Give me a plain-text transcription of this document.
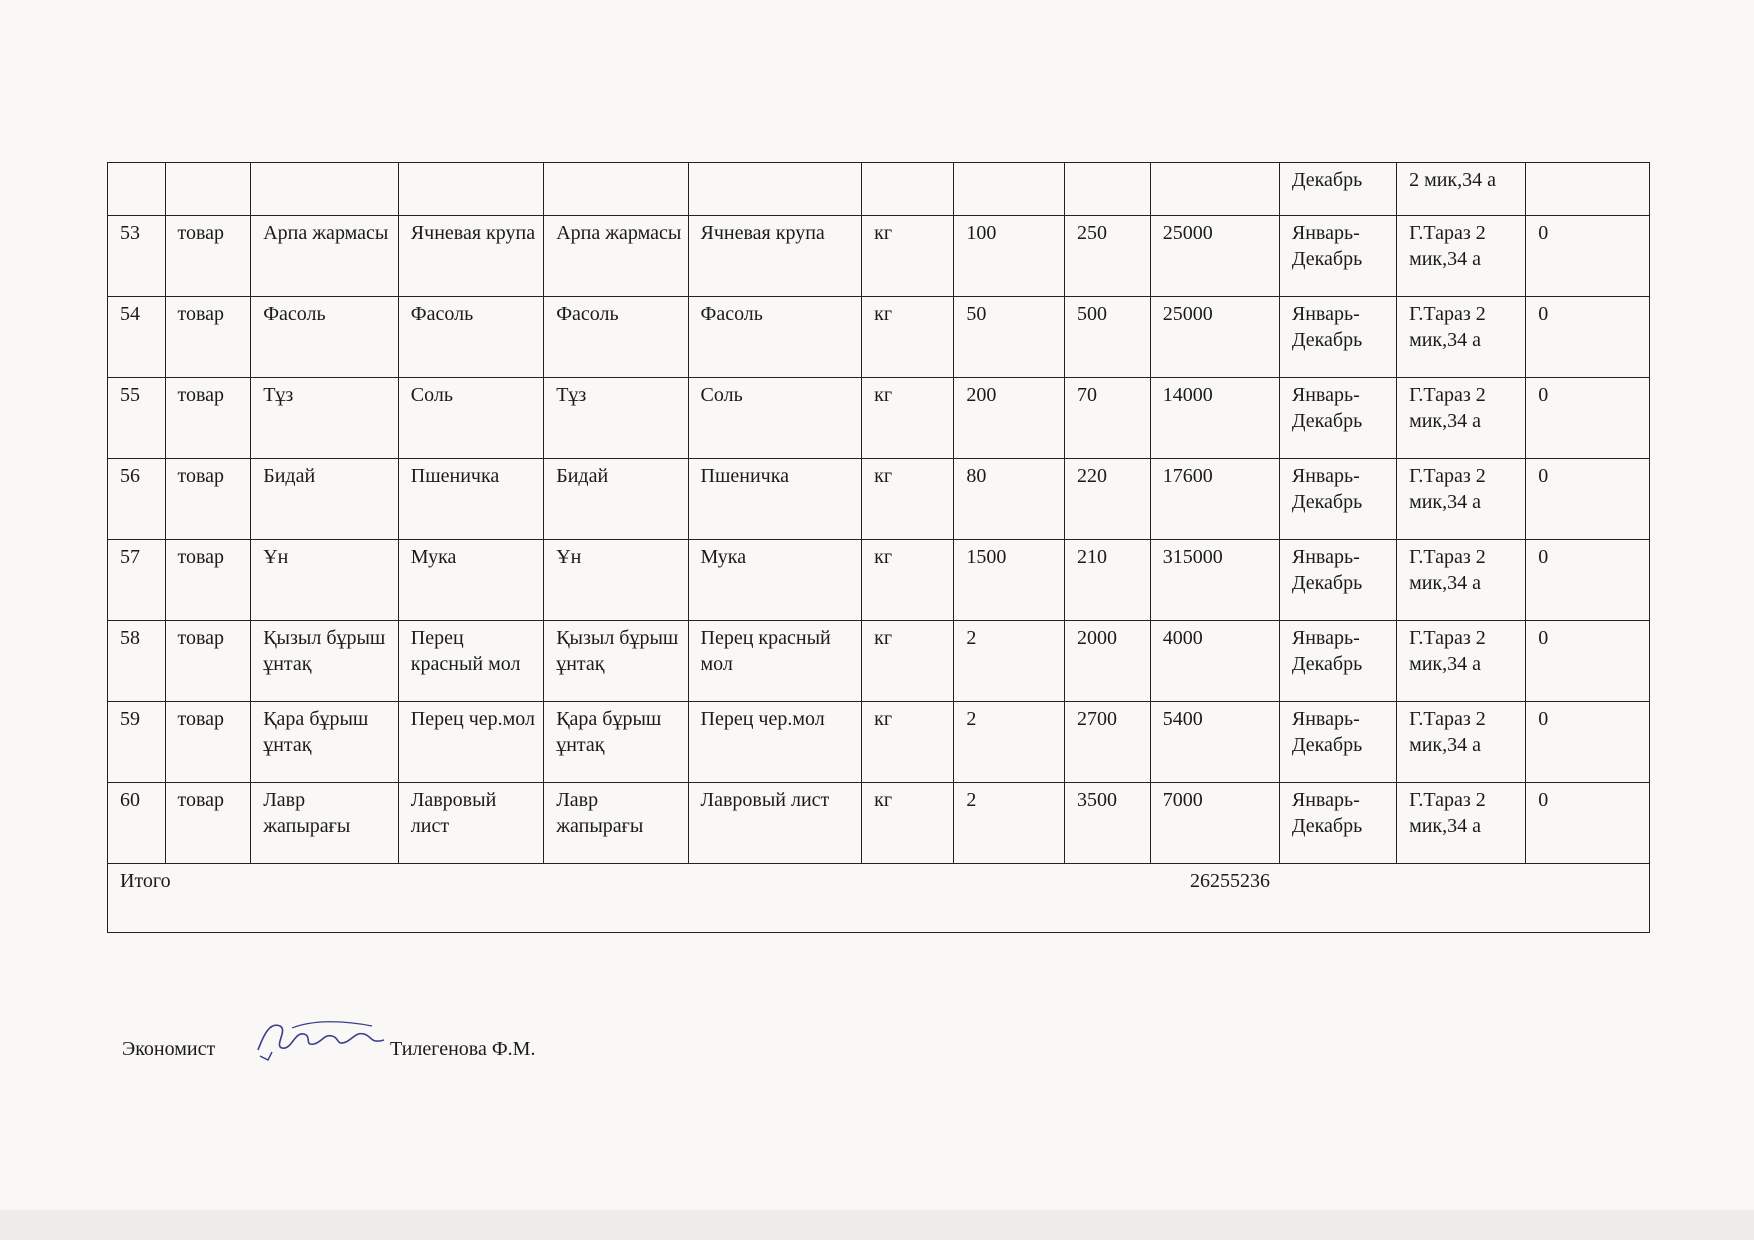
										Декабрь	2 мик,34 а	
53	товар	Арпа жармасы	Ячневая крупа	Арпа жармасы	Ячневая крупа	кг	100	250	25000	Январь-Декабрь	Г.Тараз 2 мик,34 а	0
54	товар	Фасоль	Фасоль	Фасоль	Фасоль	кг	50	500	25000	Январь-Декабрь	Г.Тараз 2 мик,34 а	0
55	товар	Тұз	Соль	Тұз	Соль	кг	200	70	14000	Январь-Декабрь	Г.Тараз 2 мик,34 а	0
56	товар	Бидай	Пшеничка	Бидай	Пшеничка	кг	80	220	17600	Январь-Декабрь	Г.Тараз 2 мик,34 а	0
57	товар	Ұн	Мука	Ұн	Мука	кг	1500	210	315000	Январь-Декабрь	Г.Тараз 2 мик,34 а	0
58	товар	Қызыл бұрыш ұнтақ	Перец красный мол	Қызыл бұрыш ұнтақ	Перец красный мол	кг	2	2000	4000	Январь-Декабрь	Г.Тараз 2 мик,34 а	0
59	товар	Қара бұрыш ұнтақ	Перец чер.мол	Қара бұрыш ұнтақ	Перец чер.мол	кг	2	2700	5400	Январь-Декабрь	Г.Тараз 2 мик,34 а	0
60	товар	Лавр жапырағы	Лавровый лист	Лавр жапырағы	Лавровый лист	кг	2	3500	7000	Январь-Декабрь	Г.Тараз 2 мик,34 а	0
Итого 26255236												
Экономист	Тилегенова Ф.М.
